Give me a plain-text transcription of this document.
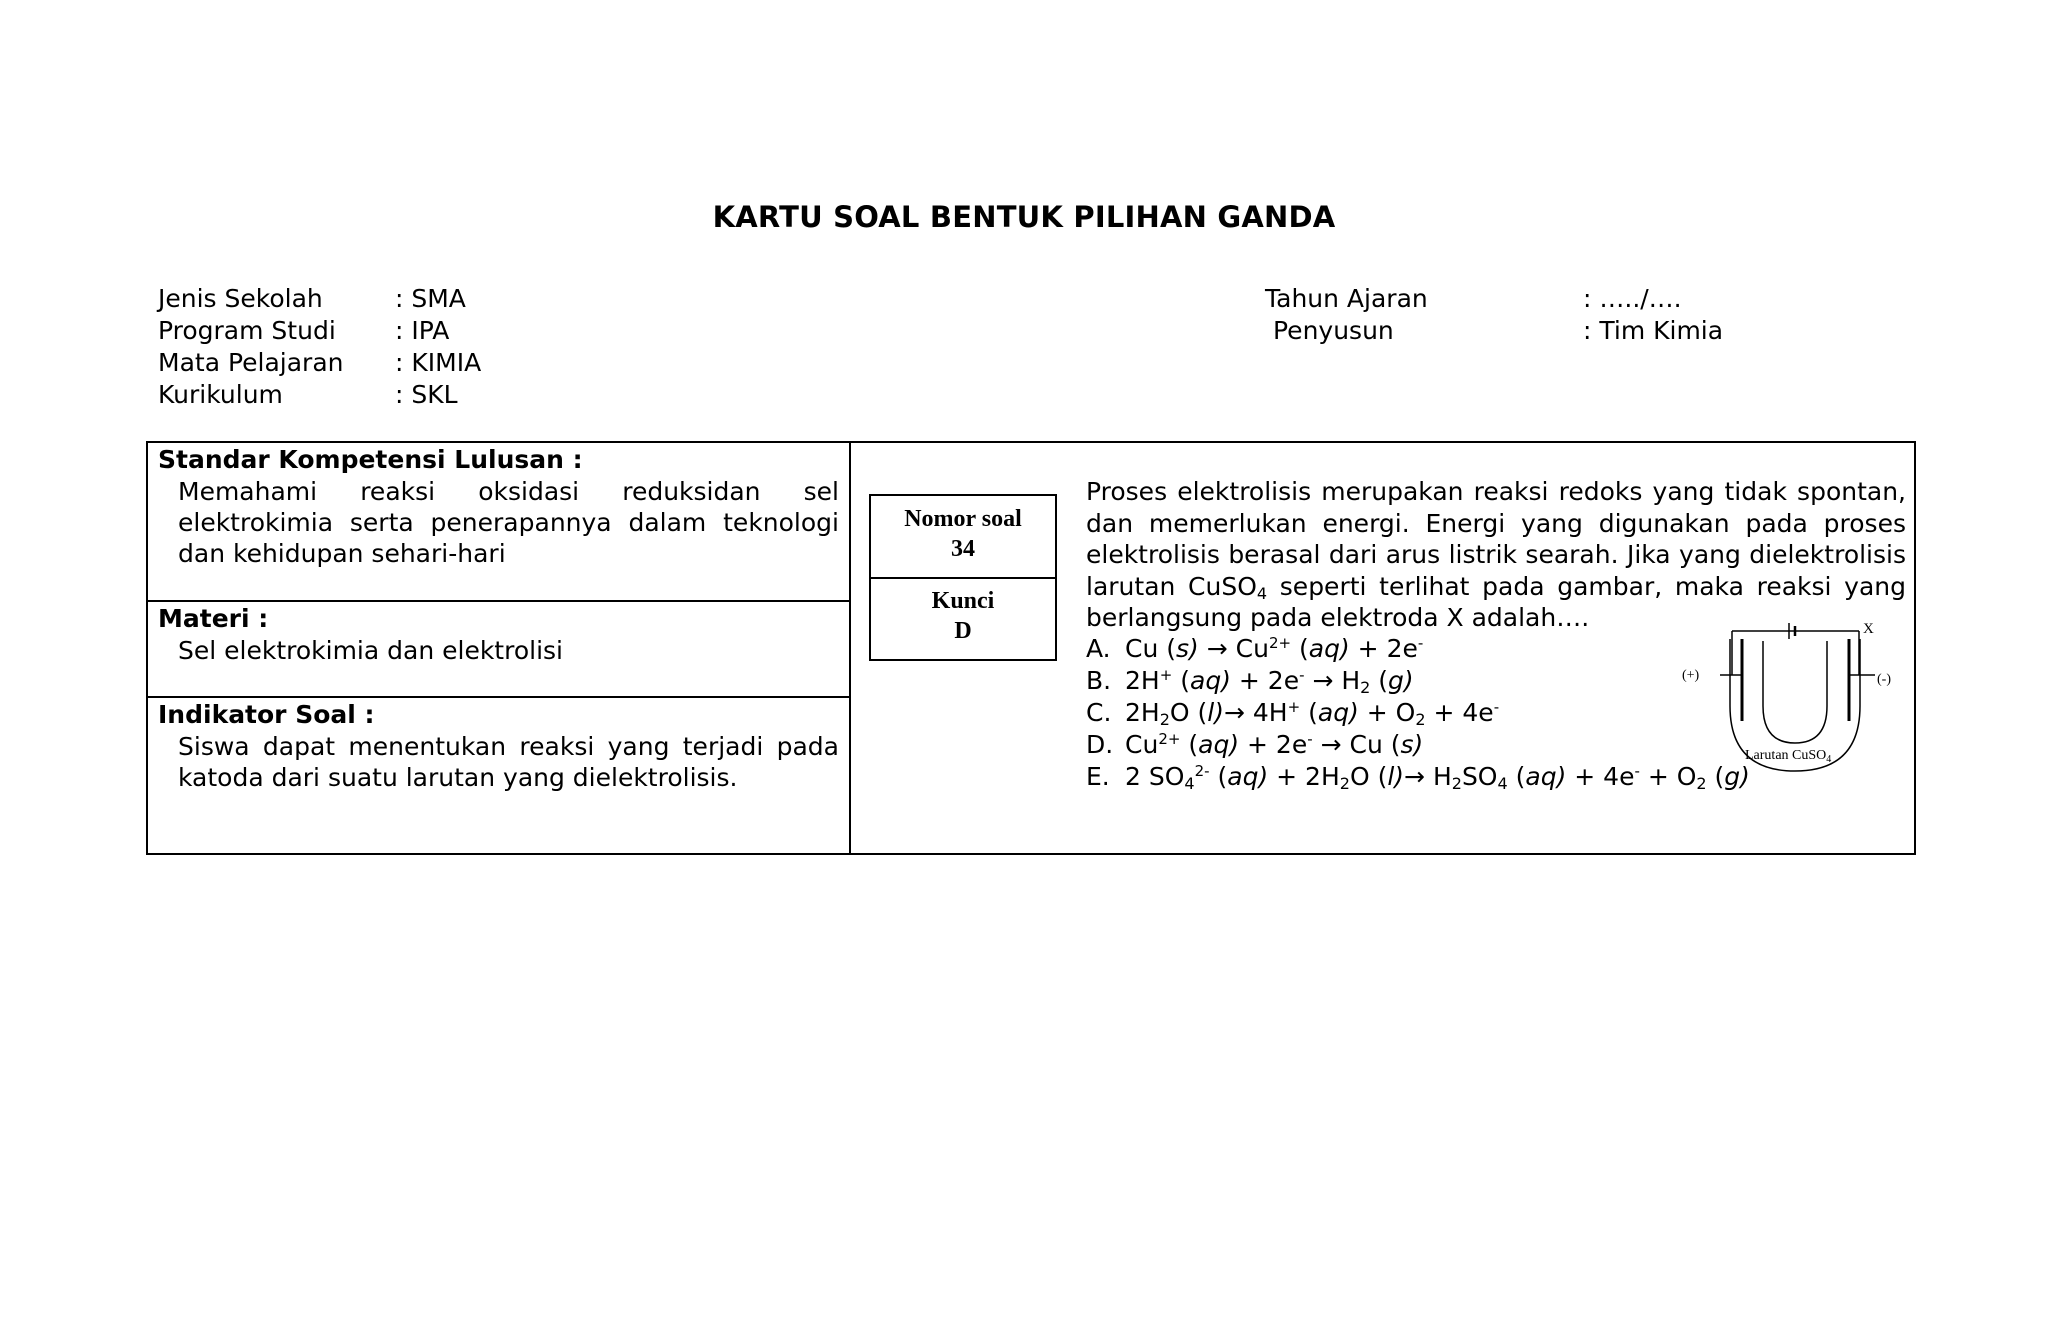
KARTU SOAL BENTUK PILIHAN GANDA
Jenis Sekolah	: SMA
Program Studi : IPA
Mata Pelajaran : KIMIA
Kurikulum	: SKL
Tahun Ajaran	: …../….
Penyusun	: Tim Kimia
Standar Kompetensi Lulusan :
Memahami reaksi oksidasi reduksidan sel elektrokimia serta penerapannya dalam teknologi dan kehidupan sehari-hari
Materi :
Sel elektrokimia dan elektrolisi
Indikator Soal :
Siswa dapat menentukan reaksi yang terjadi pada katoda dari suatu larutan yang dielektrolisis.
Nomor soal
34
Kunci
D
Proses elektrolisis merupakan reaksi redoks yang tidak spontan, dan memerlukan energi. Energi yang digunakan pada proses elektrolisis berasal dari arus listrik searah. Jika yang dielektrolisis larutan CuSO$_4$ seperti terlihat pada gambar, maka reaksi yang berlangsung pada elektroda X adalah….
A. Cu $(s) \to Cu^{2+}$ (aq) + 2e-
B. 2H+ $(aq) + 2e^- \to H_2$ (g)
C. $2H_2O$ (l)→ 4H+ $(aq) + O_2 + 4e^-$
D. $Cu^{2+}$ (aq) + 2e- → Cu (s)
E. 2 $SO_4^{2-}$ $(aq) + 2H_2O$ $(l)\to H_2SO_4$ $(aq) + 4e^- + O_2$ (g)
(+)	(-)
X
Larutan CuSO$_4$
